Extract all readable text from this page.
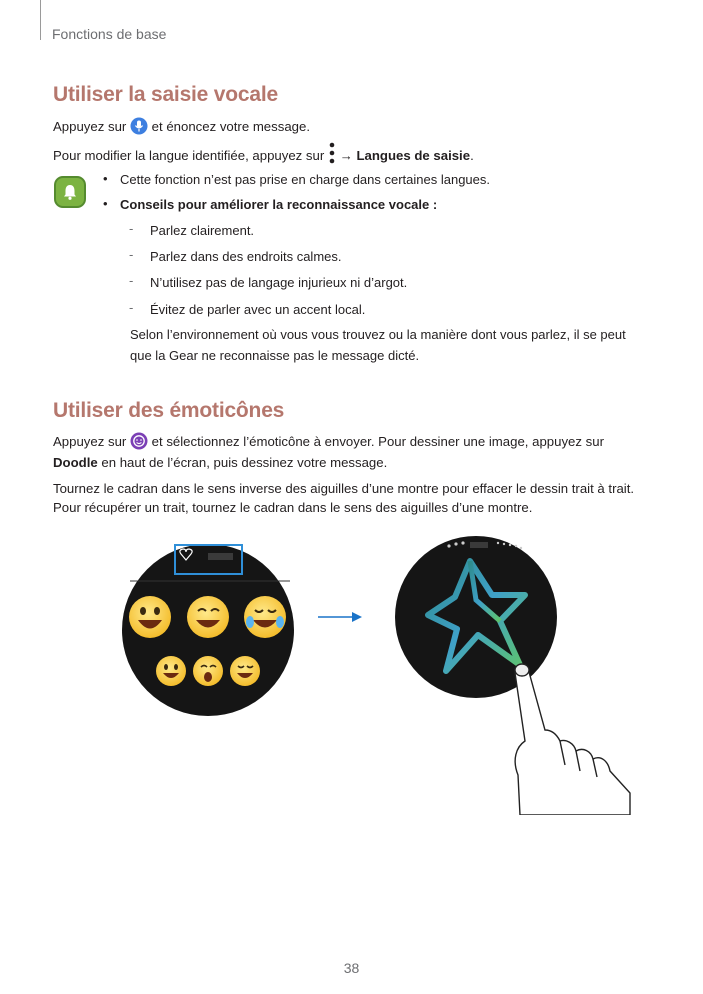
Fonctions de base
Utiliser la saisie vocale
Appuyez sur et énoncez votre message.
Pour modifier la langue identifiée, appuyez sur → Langues de saisie.
• Cette fonction n’est pas prise en charge dans certaines langues.
• Conseils pour améliorer la reconnaissance vocale :
- Parlez clairement.
- Parlez dans des endroits calmes.
- N’utilisez pas de langage injurieux ni d’argot.
- Évitez de parler avec un accent local.
Selon l’environnement où vous vous trouvez ou la manière dont vous parlez, il se peut
que la Gear ne reconnaisse pas le message dicté.
Utiliser des émoticônes
Appuyez sur et sélectionnez l’émoticône à envoyer. Pour dessiner une image, appuyez sur
Doodle en haut de l’écran, puis dessinez votre message.
Tournez le cadran dans le sens inverse des aiguilles d’une montre pour effacer le dessin trait à trait.
Pour récupérer un trait, tournez le cadran dans le sens des aiguilles d’une montre.
38
